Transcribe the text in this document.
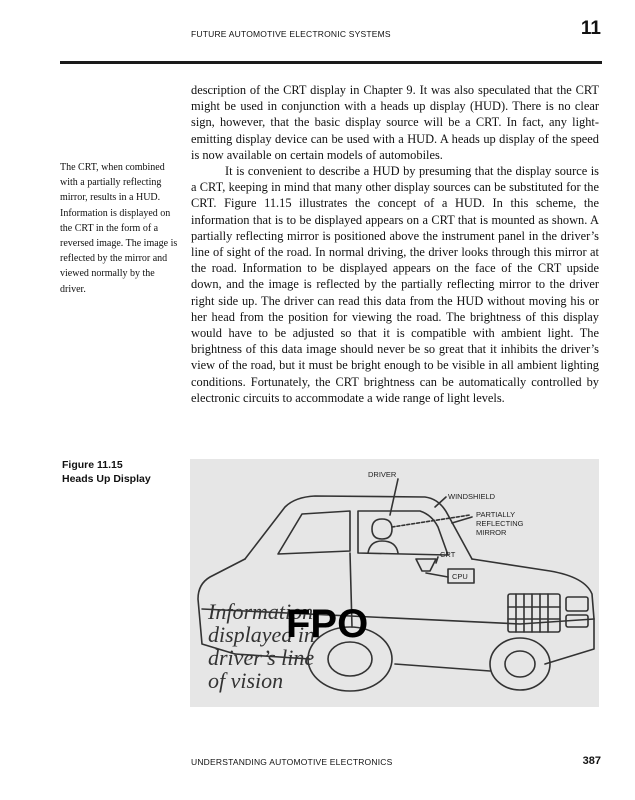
FUTURE AUTOMOTIVE ELECTRONIC SYSTEMS	11

description of the CRT display in Chapter 9. It was also speculated that the CRT might be used in conjunction with a heads up display (HUD). There is no clear sign, however, that the basic display source will be a CRT. In fact, any light-emitting display device can be used with a HUD. A heads up display of the speed is now available on certain models of automobiles.

It is convenient to describe a HUD by presuming that the display source is a CRT, keeping in mind that many other display sources can be substituted for the CRT. Figure 11.15 illustrates the concept of a HUD. In this scheme, the information that is to be displayed appears on a CRT that is mounted as shown. A partially reflecting mirror is positioned above the instrument panel in the driver’s line of sight of the road. In normal driving, the driver looks through this mirror at the road. Information to be displayed appears on the face of the CRT upside down, and the image is reflected by the partially reflecting mirror to the driver right side up. The driver can read this data from the HUD without moving his or her head from the position for viewing the road. The brightness of this display would have to be adjusted so that it is compatible with ambient light. The brightness of this data image should never be so great that it inhibits the driver’s view of the road, but it must be bright enough to be visible in all ambient lighting conditions. Fortunately, the CRT brightness can be automatically controlled by electronic circuits to accommodate a wide range of light levels.

The CRT, when combined with a partially reflecting mirror, results in a HUD. Information is displayed on the CRT in the form of a reversed image. The image is reflected by the mirror and viewed normally by the driver.
Figure 11.15
Heads Up Display	DRIVER
WINDSHIELD
PARTIALLY
REFLECTING
MIRROR
CRT
CPU
Information
displayed in
driver’s line
of vision
FPO
UNDERSTANDING AUTOMOTIVE ELECTRONICS	387
